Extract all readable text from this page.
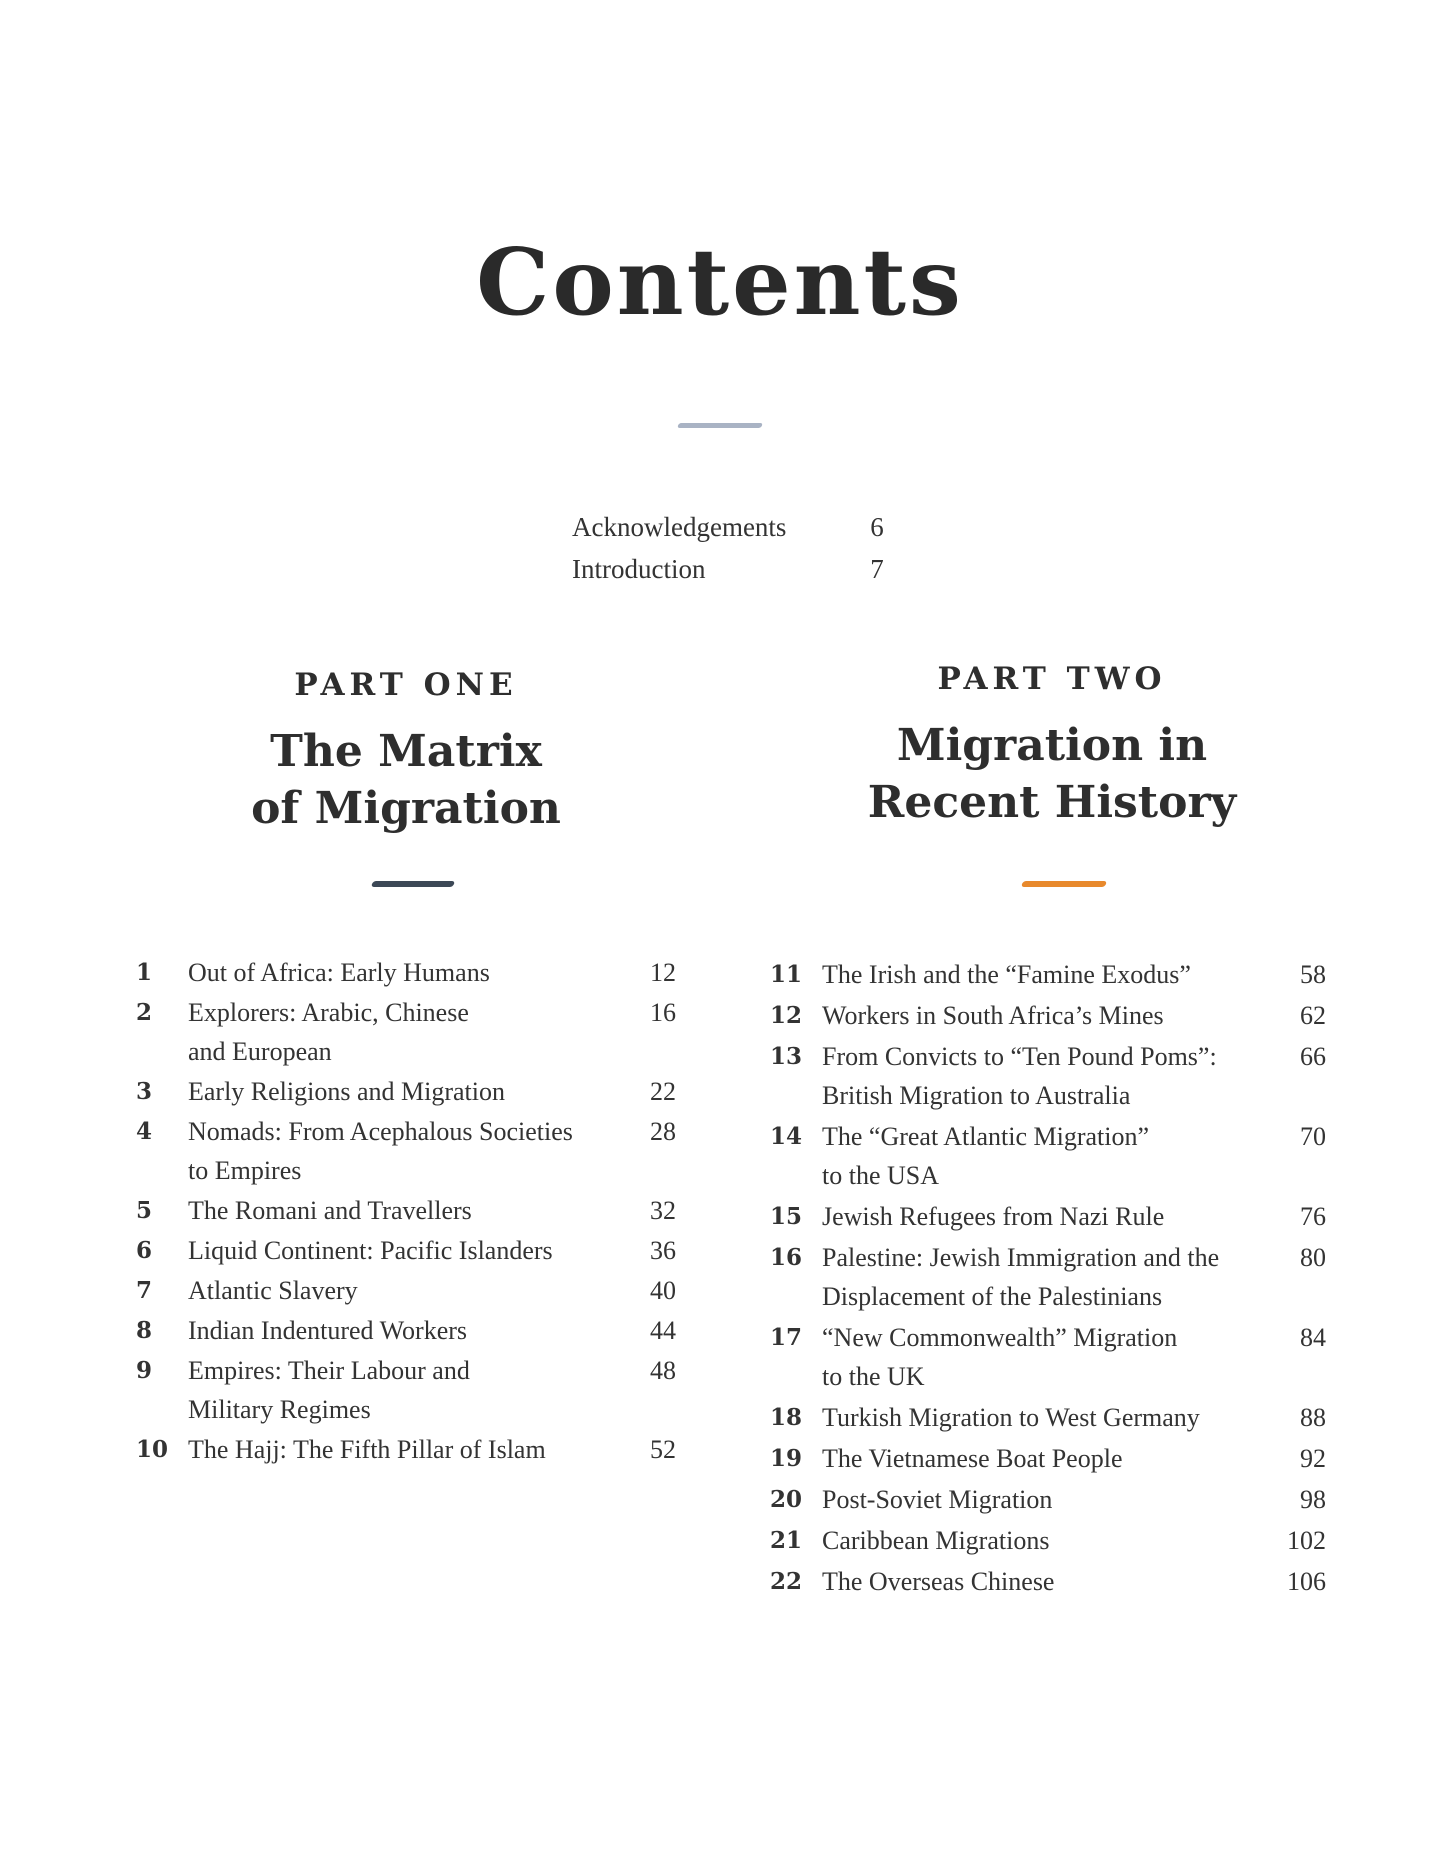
Contents
Acknowledgements	6
Introduction	7
PART ONE
The Matrix
of Migration
PART TWO
Migration in
Recent History
1	Out of Africa: Early Humans	12
2	Explorers: Arabic, Chinese
and European
16
3	Early Religions and Migration	22
4	Nomads: From Acephalous Societies
to Empires
28
5	The Romani and Travellers	32
6	Liquid Continent: Pacific Islanders	36
7	Atlantic Slavery	40
8	Indian Indentured Workers	44
9	Empires: Their Labour and
Military Regimes
48
10 The Hajj: The Fifth Pillar of Islam	52
11 The Irish and the “Famine Exodus”	58
12 Workers in South Africa’s Mines	62
13 From Convicts to “Ten Pound Poms”:
British Migration to Australia
66
14 The “Great Atlantic Migration”
to the USA
70
15 Jewish Refugees from Nazi Rule	76
16 Palestine: Jewish Immigration and the
Displacement of the Palestinians
80
17 “New Commonwealth” Migration
to the UK
84
18 Turkish Migration to West Germany	88
19 The Vietnamese Boat People	92
20 Post-Soviet Migration	98
21 Caribbean Migrations	102
22 The Overseas Chinese	106
